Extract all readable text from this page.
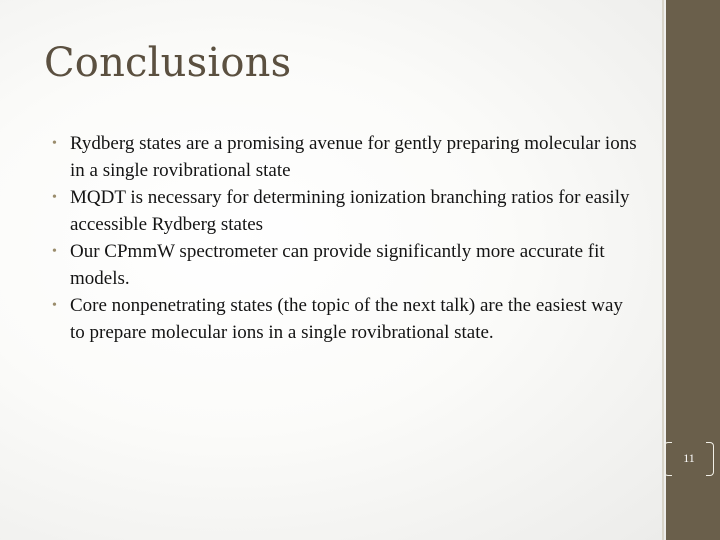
Conclusions
• Rydberg states are a promising avenue for gently preparing molecular ions in a single rovibrational state
• MQDT is necessary for determining ionization branching ratios for easily accessible Rydberg states
• Our CPmmW spectrometer can provide significantly more accurate fit models.
• Core nonpenetrating states (the topic of the next talk) are the easiest way to prepare molecular ions in a single rovibrational state.
11
